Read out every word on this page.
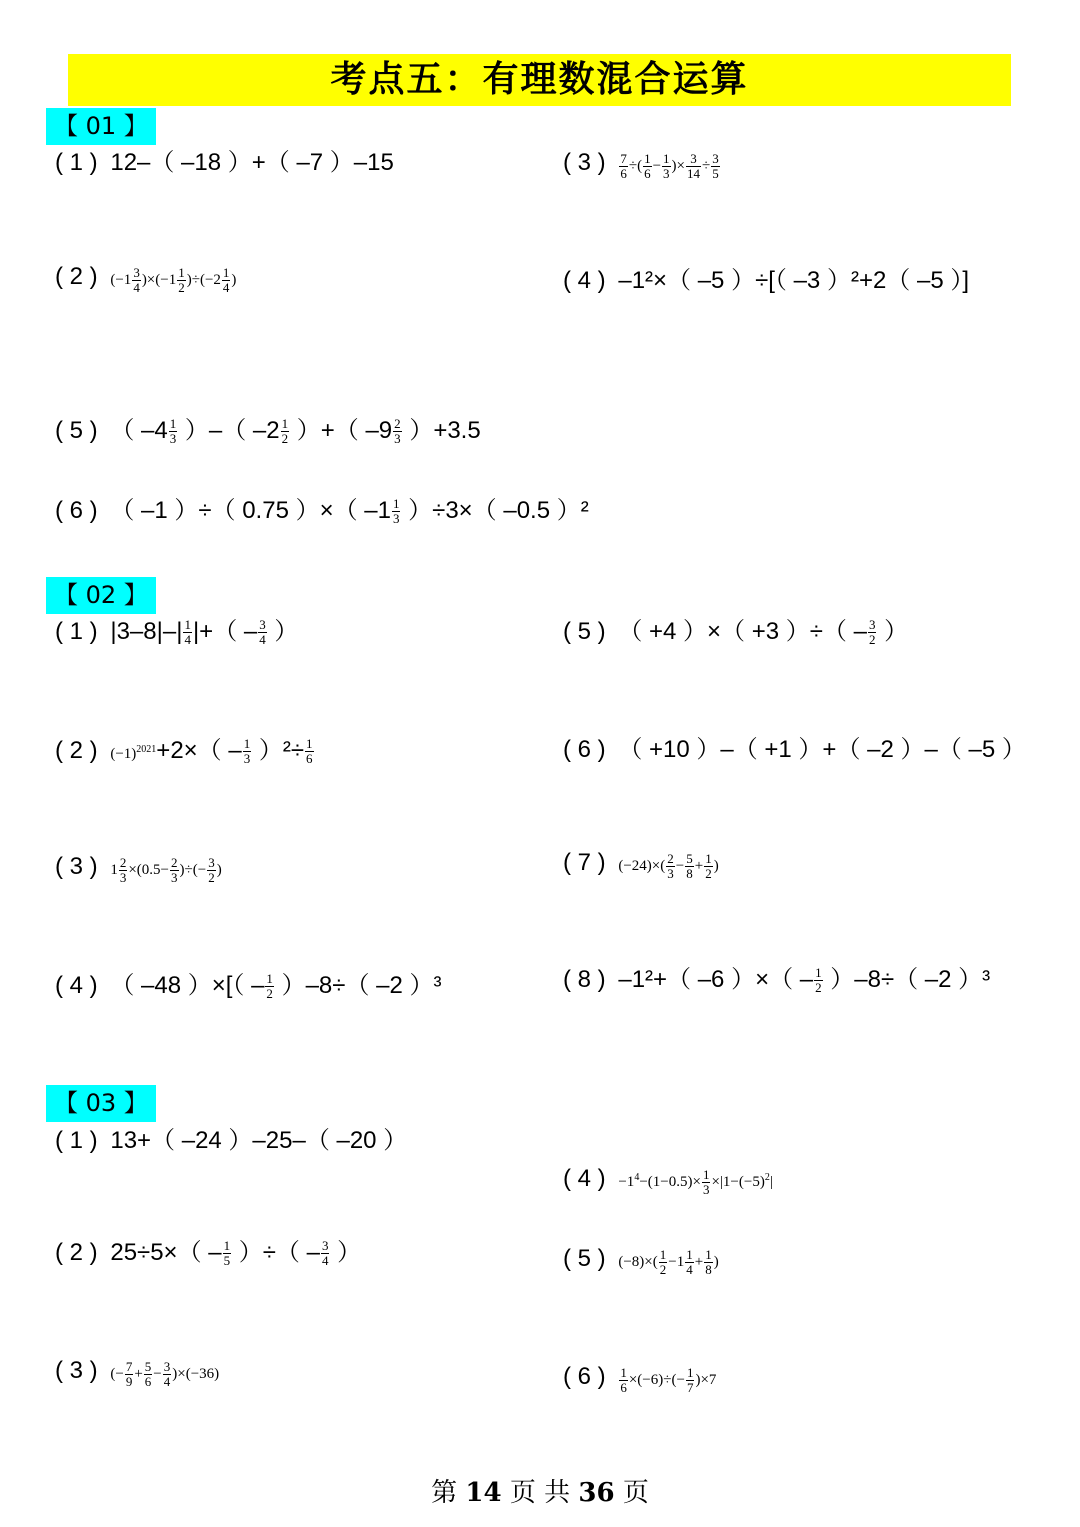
考点五：有理数混合运算
【 01 】
( 1 ) 12–（ –18 ）+（ –7 ）–15	( 3 ) $\frac{7}{6}$ ÷( $\frac{1}{6} - \frac{1}{3}$ )× $\frac{3}{14} \div \frac{3}{5}$
( 2 ) $(-1 \frac{3}{4} )\times(-1 \frac{1}{2} )\div(-2 \frac{1}{4}$ )	( 4 ) –1²×（ –5 ）÷[（ –3 ）²+2（ –5 ）]
( 5 ) （ $-4 \frac{1}{3}$ ）–（ $-2 \frac{1}{2}$ ）+（ $-9 \frac{2}{3} )+3.5$
( 6 ) （ –1 ）÷（ 0.75 ）×（ $-1 \frac{1}{3} )\div 3\times$（ –0.5 ）²
【 02 】
( 1 ) $|3-8|-| \frac{1}{4}$ |+（ – $\frac{3}{4}$ ）	( 5 ) （ +4 ）×（ +3 ）÷（ – $\frac{3}{2}$ ）
( 2 ) $(-1)^{2021}+2\times( - \frac{1}{3} )^2\div \frac{1}{6}$	( 6 ) （ +10 ）–（ +1 ）+（ –2 ）–（ –5 ）
( 3 ) $1 \frac{2}{3} \times(0.5- \frac{2}{3}$ )÷(− $\frac{3}{2}$ )	( 7 ) $(-24)\times( \frac{2}{3} - \frac{5}{8} + \frac{1}{2}$ )
( 4 ) （ –48 ）×[（ – $\frac{1}{2} )-8\div$（ –2 ）³	( 8 ) –1²+（ –6 ）×（ – $\frac{1}{2} )-8\div$（ –2 ）³
【 03 】
( 1 ) 13+（ –24 ）–25–（ –20 ）
( 4 ) $-1^4-(1-0.5)\times \frac{1}{3} \times|1-(-5)^2|$
( 2 ) $25\div 5\times( - \frac{1}{5}$ ）÷（ – $\frac{3}{4}$ ）	( 5 ) $(-8)\times( \frac{1}{2} -1 \frac{1}{4} + \frac{1}{8}$ )
( 3 ) (− $\frac{7}{9} + \frac{5}{6} - \frac{3}{4} )\times(-36)$	( 6 ) $\frac{1}{6} \times(-6)\div(- \frac{1}{7} )\times 7$
第 14 页 共 36 页
